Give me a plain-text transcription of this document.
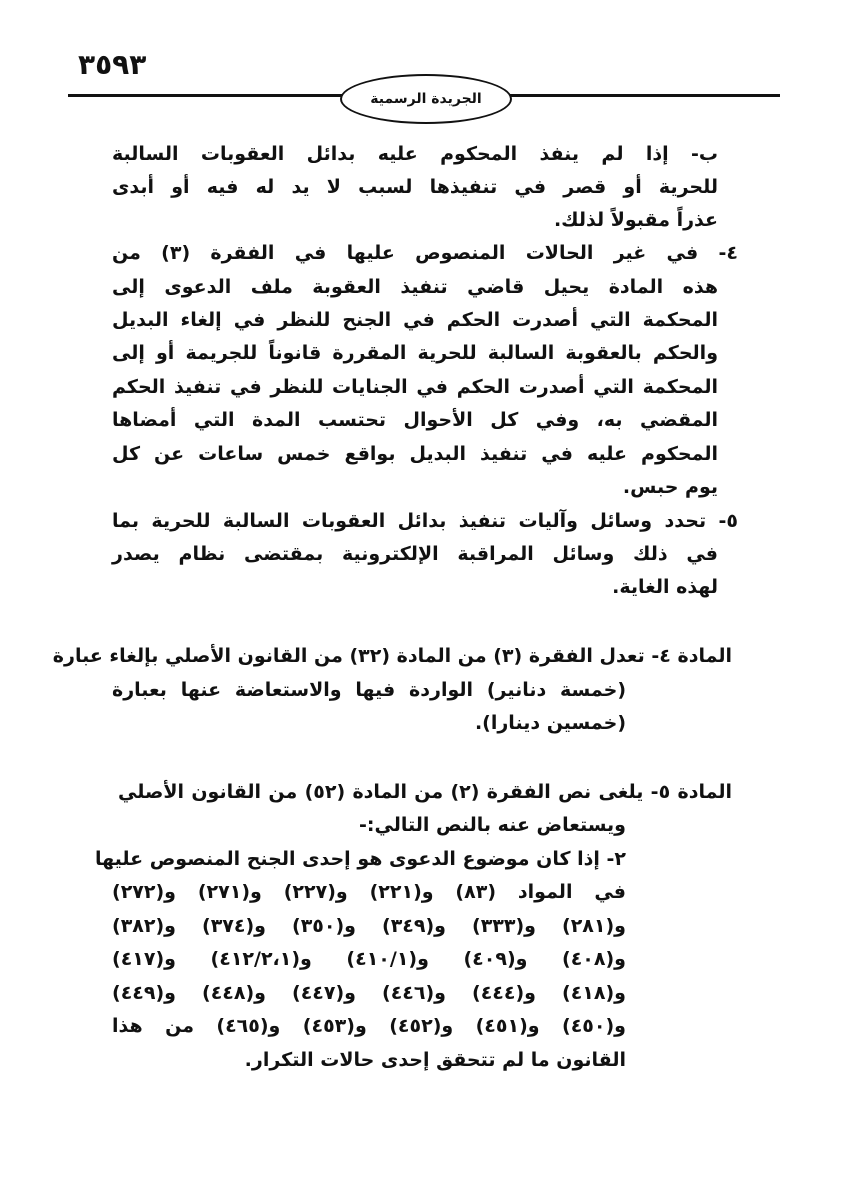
٣٥٩٣
الجريدة الرسمية
ب- إذا لم ينفذ المحكوم عليه بدائل العقوبات السالبة
للحرية أو قصر في تنفيذها لسبب لا يد له فيه أو أبدى
عذراً مقبولاً لذلك.
٤- في غير الحالات المنصوص عليها في الفقرة (٣) من
هذه المادة يحيل قاضي تنفيذ العقوبة ملف الدعوى إلى
المحكمة التي أصدرت الحكم في الجنح للنظر في إلغاء البديل
والحكم بالعقوبة السالبة للحرية المقررة قانوناً للجريمة أو إلى
المحكمة التي أصدرت الحكم في الجنايات للنظر في تنفيذ الحكم
المقضي به، وفي كل الأحوال تحتسب المدة التي أمضاها
المحكوم عليه في تنفيذ البديل بواقع خمس ساعات عن كل
يوم حبس.
٥- تحدد وسائل وآليات تنفيذ بدائل العقوبات السالبة للحرية بما
في ذلك وسائل المراقبة الإلكترونية بمقتضى نظام يصدر
لهذه الغاية.
المادة ٤- تعدل الفقرة (٣) من المادة (٣٢) من القانون الأصلي بإلغاء عبارة
(خمسة دنانير) الواردة فيها والاستعاضة عنها بعبارة
(خمسين دينارا).
المادة ٥- يلغى نص الفقرة (٢) من المادة (٥٢) من القانون الأصلي
ويستعاض عنه بالنص التالي:-
٢- إذا كان موضوع الدعوى هو إحدى الجنح المنصوص عليها
في المواد (٨٣) و(٢٢١) و(٢٢٧) و(٢٧١) و(٢٧٢)
و(٢٨١) و(٣٣٣) و(٣٤٩) و(٣٥٠) و(٣٧٤) و(٣٨٢)
و(٤٠٨) و(٤٠٩) و(٤١٠/١) و(٤١٢/٢،١) و(٤١٧)
و(٤١٨) و(٤٤٤) و(٤٤٦) و(٤٤٧) و(٤٤٨) و(٤٤٩)
و(٤٥٠) و(٤٥١) و(٤٥٢) و(٤٥٣) و(٤٦٥) من هذا
القانون ما لم تتحقق إحدى حالات التكرار.
